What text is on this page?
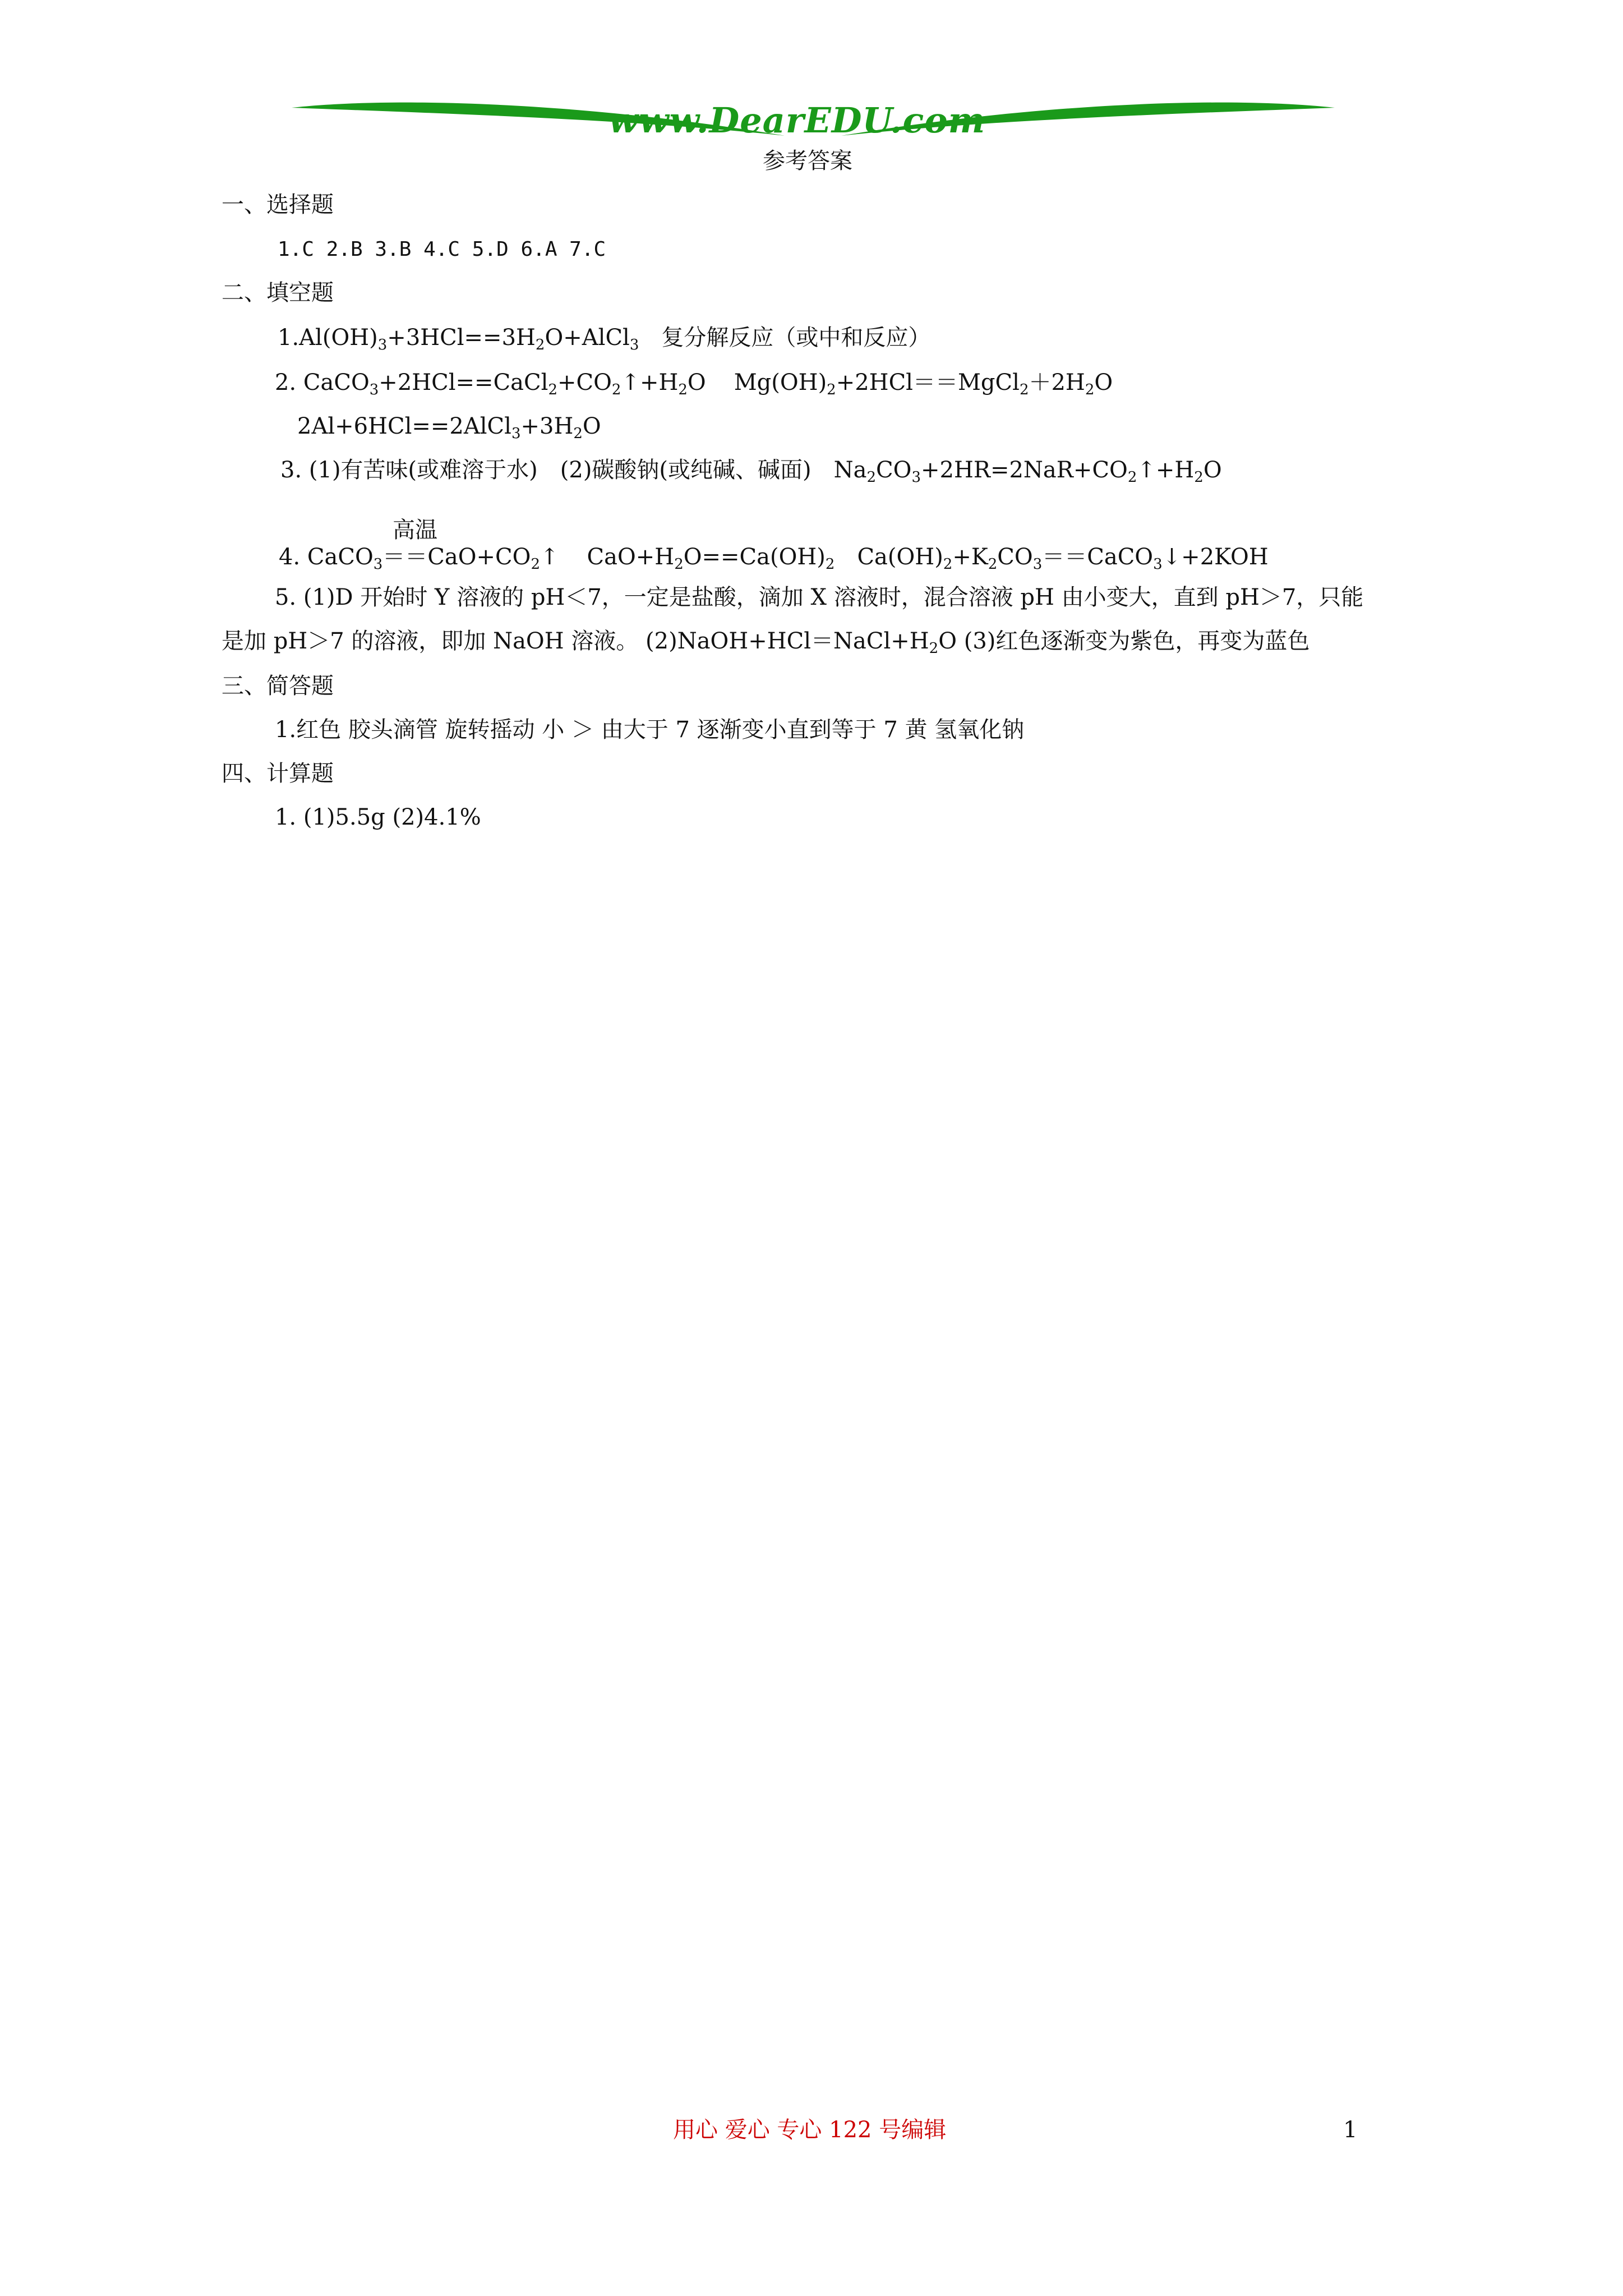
www.DearEDU.com
参考答案
一、选择题
1.C 2.B 3.B 4.C 5.D 6.A 7.C
二、填空题
$1.Al(OH)_3+3HCl==3H_2O+AlCl_3$ 复分解反应（或中和反应）
2. $CaCO_3+2HCl==CaCl_2+CO_2↑+H_2O$ $Mg(OH)_2+2HCl==MgCl_2+2H_2O$
$2Al+6HCl==2AlCl_3+3H_2O$
3. (1)有苦味(或难溶于水) (2)碳酸钠(或纯碱、碱面) $Na_2CO_3+2HR=2NaR+CO_2↑+H_2O$
高温
4. $CaCO_3==CaO+CO_2↑$ $CaO+H_2O==Ca(OH)_2$ $Ca(OH)_2+K_2CO_3==CaCO_3↓+2KOH$
5. (1)D 开始时 Y 溶液的 pH＜7，一定是盐酸，滴加 X 溶液时，混合溶液 pH 由小变大，直到 pH＞7，只能
是加 pH＞7 的溶液，即加 NaOH 溶液。 $(2)NaOH+HCl=NaCl+H_2O$ (3)红色逐渐变为紫色，再变为蓝色
三、简答题
1.红色 胶头滴管 旋转摇动 小 ＞ 由大于 7 逐渐变小直到等于 7 黄 氢氧化钠
四、计算题
1. (1)5.5g (2)4.1%
用心 爱心 专心 122 号编辑	1
